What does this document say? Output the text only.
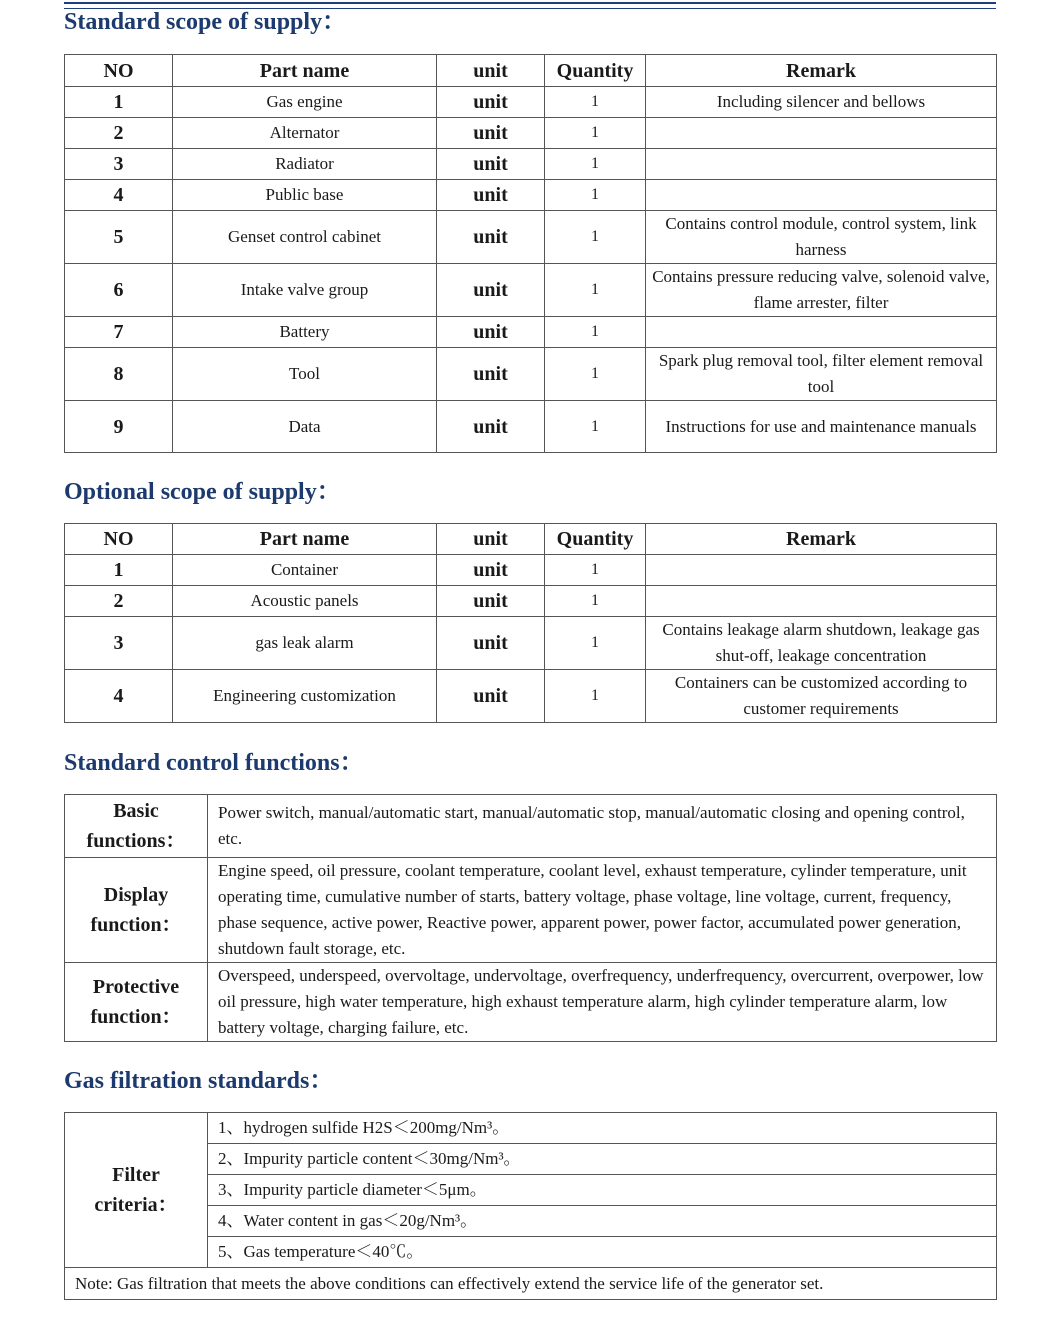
Standard scope of supply：
NO	Part name	unit	Quantity	Remark
1	Gas engine	unit	1	Including silencer and bellows
2	Alternator	unit	1	
3	Radiator	unit	1	
4	Public base	unit	1	
5	Genset control cabinet	unit	1	Contains control module, control system, link harness
6	Intake valve group	unit	1	Contains pressure reducing valve, solenoid valve, flame arrester, filter
7	Battery	unit	1	
8	Tool	unit	1	Spark plug removal tool, filter element removal tool
9	Data	unit	1	Instructions for use and maintenance manuals
Optional scope of supply：
NO	Part name	unit	Quantity	Remark
1	Container	unit	1	
2	Acoustic panels	unit	1	
3	gas leak alarm	unit	1	Contains leakage alarm shutdown, leakage gas shut-off, leakage concentration
4	Engineering customization	unit	1	Containers can be customized according to customer requirements
Standard control functions：
Basic functions：	Power switch, manual/automatic start, manual/automatic stop, manual/automatic closing and opening control, etc.
Display function：	Engine speed, oil pressure, coolant temperature, coolant level, exhaust temperature, cylinder temperature, unit operating time, cumulative number of starts, battery voltage, phase voltage, line voltage, current, frequency, phase sequence, active power, Reactive power, apparent power, power factor, accumulated power generation, shutdown fault storage, etc.
Protective function：	Overspeed, underspeed, overvoltage, undervoltage, overfrequency, underfrequency, overcurrent, overpower, low oil pressure, high water temperature, high exhaust temperature alarm, high cylinder temperature alarm, low battery voltage, charging failure, etc.
Gas filtration standards：
Filter criteria：	1、hydrogen sulfide H2S＜200mg/Nm³。
2、Impurity particle content＜30mg/Nm³。
3、Impurity particle diameter＜5μm。
4、Water content in gas＜20g/Nm³。
5、Gas temperature＜40℃。
Note: Gas filtration that meets the above conditions can effectively extend the service life of the generator set.
